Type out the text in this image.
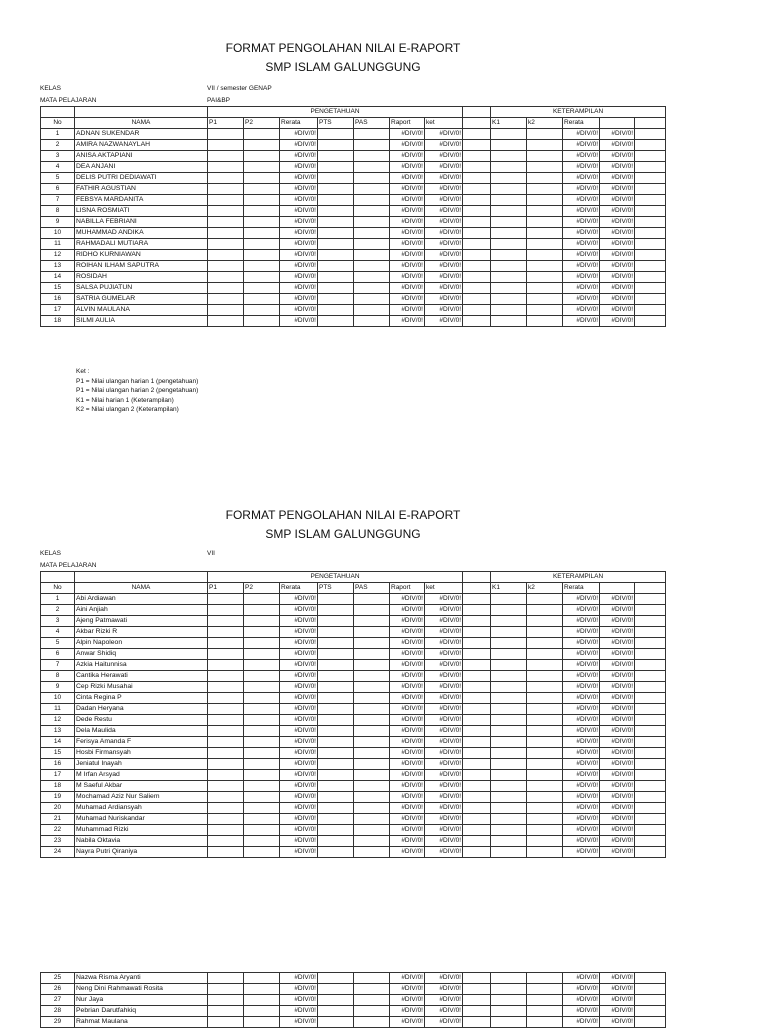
FORMAT PENGOLAHAN NILAI E-RAPORT
SMP ISLAM GALUNGGUNG
KELAS	VII / semester GENAP
MATA PELAJARAN	PAI&BP
		PENGETAHUAN								KETERAMPILAN				
No	NAMA	P1	P2	Rerata	PTS	PAS	Raport	ket		K1	k2	Rerata		
1	ADNAN SUKENDAR			#DIV/0!			#DIV/0!	#DIV/0!				#DIV/0!	#DIV/0!	
2	AMIRA NAZWANAYLAH			#DIV/0!			#DIV/0!	#DIV/0!				#DIV/0!	#DIV/0!	
3	ANISA AKTAPIANI			#DIV/0!			#DIV/0!	#DIV/0!				#DIV/0!	#DIV/0!	
4	DEA ANJANI			#DIV/0!			#DIV/0!	#DIV/0!				#DIV/0!	#DIV/0!	
5	DELIS PUTRI DEDIAWATI			#DIV/0!			#DIV/0!	#DIV/0!				#DIV/0!	#DIV/0!	
6	FATHIR AGUSTIAN			#DIV/0!			#DIV/0!	#DIV/0!				#DIV/0!	#DIV/0!	
7	FEBSYA MARDANITA			#DIV/0!			#DIV/0!	#DIV/0!				#DIV/0!	#DIV/0!	
8	LISNA ROSMIATI			#DIV/0!			#DIV/0!	#DIV/0!				#DIV/0!	#DIV/0!	
9	NABILLA FEBRIANI			#DIV/0!			#DIV/0!	#DIV/0!				#DIV/0!	#DIV/0!	
10	MUHAMMAD ANDIKA			#DIV/0!			#DIV/0!	#DIV/0!				#DIV/0!	#DIV/0!	
11	RAHMADALI MUTIARA			#DIV/0!			#DIV/0!	#DIV/0!				#DIV/0!	#DIV/0!	
12	RIDHO KURNIAWAN			#DIV/0!			#DIV/0!	#DIV/0!				#DIV/0!	#DIV/0!	
13	ROIHAN ILHAM SAPUTRA			#DIV/0!			#DIV/0!	#DIV/0!				#DIV/0!	#DIV/0!	
14	ROSIDAH			#DIV/0!			#DIV/0!	#DIV/0!				#DIV/0!	#DIV/0!	
15	SALSA PUJIATUN			#DIV/0!			#DIV/0!	#DIV/0!				#DIV/0!	#DIV/0!	
16	SATRIA GUMELAR			#DIV/0!			#DIV/0!	#DIV/0!				#DIV/0!	#DIV/0!	
17	ALVIN MAULANA			#DIV/0!			#DIV/0!	#DIV/0!				#DIV/0!	#DIV/0!	
18	SILMI AULIA			#DIV/0!			#DIV/0!	#DIV/0!				#DIV/0!	#DIV/0!	
Ket :
P1 = Nilai ulangan harian 1 (pengetahuan)
P1 = Nilai ulangan harian 2 (pengetahuan)
K1 = Nilai harian 1 (Keterampilan)
K2 = Nilai ulangan 2 (Keterampilan)
FORMAT PENGOLAHAN NILAI E-RAPORT
SMP ISLAM GALUNGGUNG
KELAS	VII
MATA PELAJARAN
		PENGETAHUAN								KETERAMPILAN				
No	NAMA	P1	P2	Rerata	PTS	PAS	Raport	ket		K1	k2	Rerata		
1	Abi Ardiawan			#DIV/0!			#DIV/0!	#DIV/0!				#DIV/0!	#DIV/0!	
2	Aini Anjiah			#DIV/0!			#DIV/0!	#DIV/0!				#DIV/0!	#DIV/0!	
3	Ajeng Patmawati			#DIV/0!			#DIV/0!	#DIV/0!				#DIV/0!	#DIV/0!	
4	Akbar Rizki R			#DIV/0!			#DIV/0!	#DIV/0!				#DIV/0!	#DIV/0!	
5	Alpin Napoleon			#DIV/0!			#DIV/0!	#DIV/0!				#DIV/0!	#DIV/0!	
6	Anwar Shidiq			#DIV/0!			#DIV/0!	#DIV/0!				#DIV/0!	#DIV/0!	
7	Azkia Haitunnisa			#DIV/0!			#DIV/0!	#DIV/0!				#DIV/0!	#DIV/0!	
8	Cantika Herawati			#DIV/0!			#DIV/0!	#DIV/0!				#DIV/0!	#DIV/0!	
9	Cep Rizki Musahai			#DIV/0!			#DIV/0!	#DIV/0!				#DIV/0!	#DIV/0!	
10	Cinta Regina P			#DIV/0!			#DIV/0!	#DIV/0!				#DIV/0!	#DIV/0!	
11	Dadan Heryana			#DIV/0!			#DIV/0!	#DIV/0!				#DIV/0!	#DIV/0!	
12	Dede Restu			#DIV/0!			#DIV/0!	#DIV/0!				#DIV/0!	#DIV/0!	
13	Dela Maulida			#DIV/0!			#DIV/0!	#DIV/0!				#DIV/0!	#DIV/0!	
14	Ferisya Amanda F			#DIV/0!			#DIV/0!	#DIV/0!				#DIV/0!	#DIV/0!	
15	Hosbi Firmansyah			#DIV/0!			#DIV/0!	#DIV/0!				#DIV/0!	#DIV/0!	
16	Jeniatul Inayah			#DIV/0!			#DIV/0!	#DIV/0!				#DIV/0!	#DIV/0!	
17	M Irfan Arsyad			#DIV/0!			#DIV/0!	#DIV/0!				#DIV/0!	#DIV/0!	
18	M Saeful Akbar			#DIV/0!			#DIV/0!	#DIV/0!				#DIV/0!	#DIV/0!	
19	Mochamad Aziz Nur Saliem			#DIV/0!			#DIV/0!	#DIV/0!				#DIV/0!	#DIV/0!	
20	Muhamad Ardiansyah			#DIV/0!			#DIV/0!	#DIV/0!				#DIV/0!	#DIV/0!	
21	Muhamad Nuriskandar			#DIV/0!			#DIV/0!	#DIV/0!				#DIV/0!	#DIV/0!	
22	Muhammad Rizki			#DIV/0!			#DIV/0!	#DIV/0!				#DIV/0!	#DIV/0!	
23	Nabila Oktavia			#DIV/0!			#DIV/0!	#DIV/0!				#DIV/0!	#DIV/0!	
24	Nayra Putri Qiraniya			#DIV/0!			#DIV/0!	#DIV/0!				#DIV/0!	#DIV/0!	
25	Nazwa Risma Aryanti			#DIV/0!			#DIV/0!	#DIV/0!				#DIV/0!	#DIV/0!	
26	Neng Dini Rahmawati Rosita			#DIV/0!			#DIV/0!	#DIV/0!				#DIV/0!	#DIV/0!	
27	Nur Jaya			#DIV/0!			#DIV/0!	#DIV/0!				#DIV/0!	#DIV/0!	
28	Pebrian Darutfahkiq			#DIV/0!			#DIV/0!	#DIV/0!				#DIV/0!	#DIV/0!	
29	Rahmat Maulana			#DIV/0!			#DIV/0!	#DIV/0!				#DIV/0!	#DIV/0!	
